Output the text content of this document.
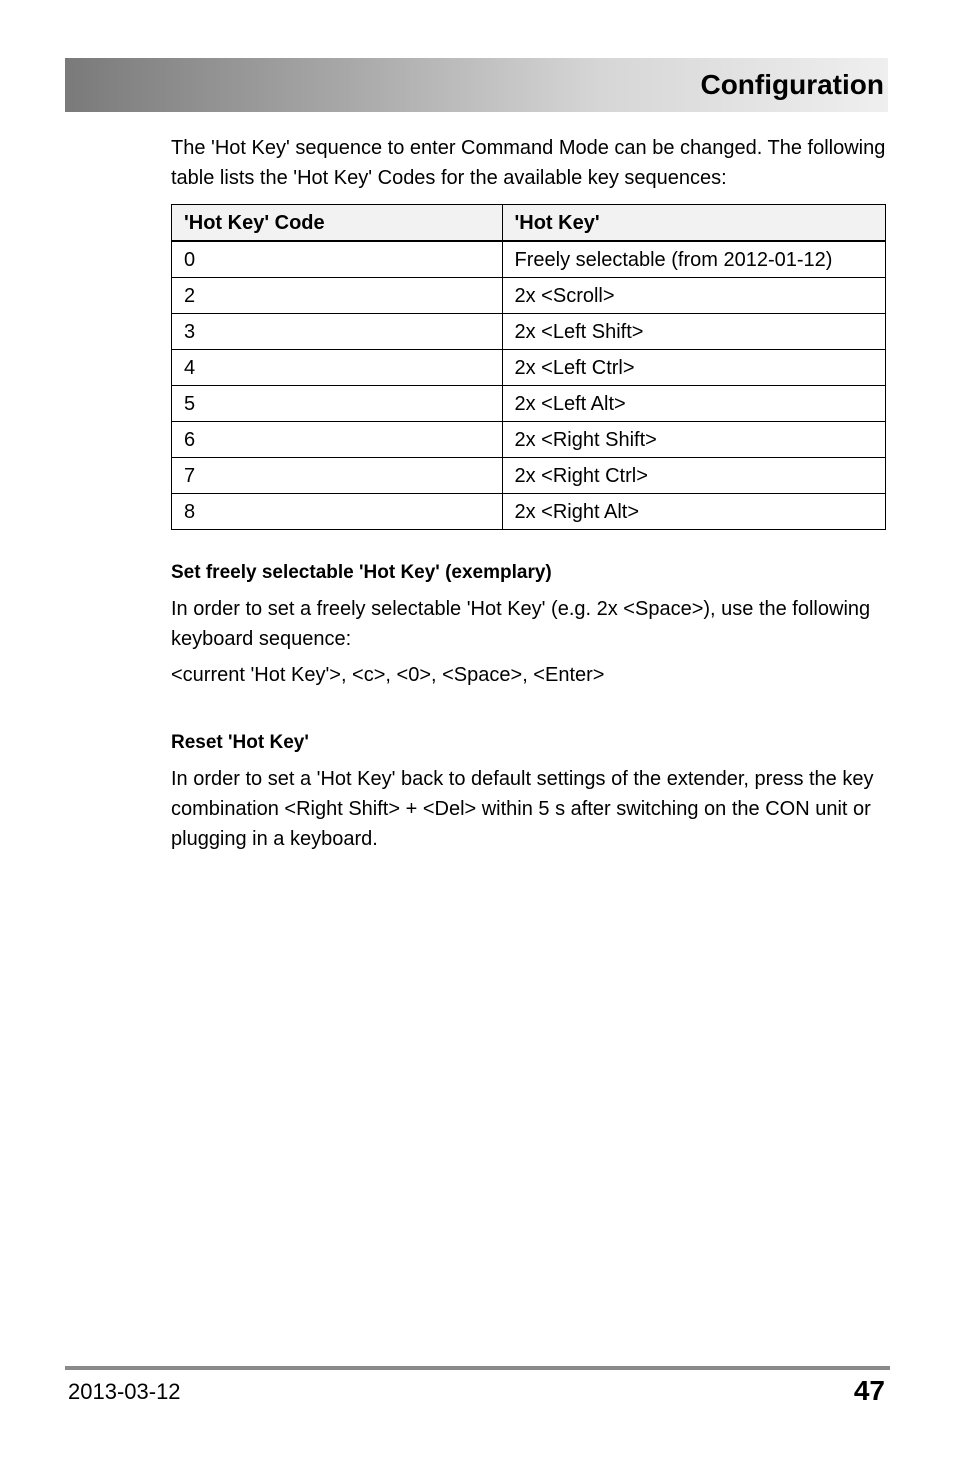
Configuration

The 'Hot Key' sequence to enter Command Mode can be changed. The following table lists the 'Hot Key' Codes for the available key sequences:

'Hot Key' Code	'Hot Key'
0	Freely selectable (from 2012-01-12)
2	2x <Scroll>
3	2x <Left Shift>
4	2x <Left Ctrl>
5	2x <Left Alt>
6	2x <Right Shift>
7	2x <Right Ctrl>
8	2x <Right Alt>

Set freely selectable 'Hot Key' (exemplary)

In order to set a freely selectable 'Hot Key' (e.g. 2x <Space>), use the following keyboard sequence:

<current 'Hot Key'>, <c>, <0>, <Space>, <Enter>

Reset 'Hot Key'

In order to set a 'Hot Key' back to default settings of the extender, press the key combination <Right Shift> + <Del> within 5 s after switching on the CON unit or plugging in a keyboard.

2013-03-12	47
